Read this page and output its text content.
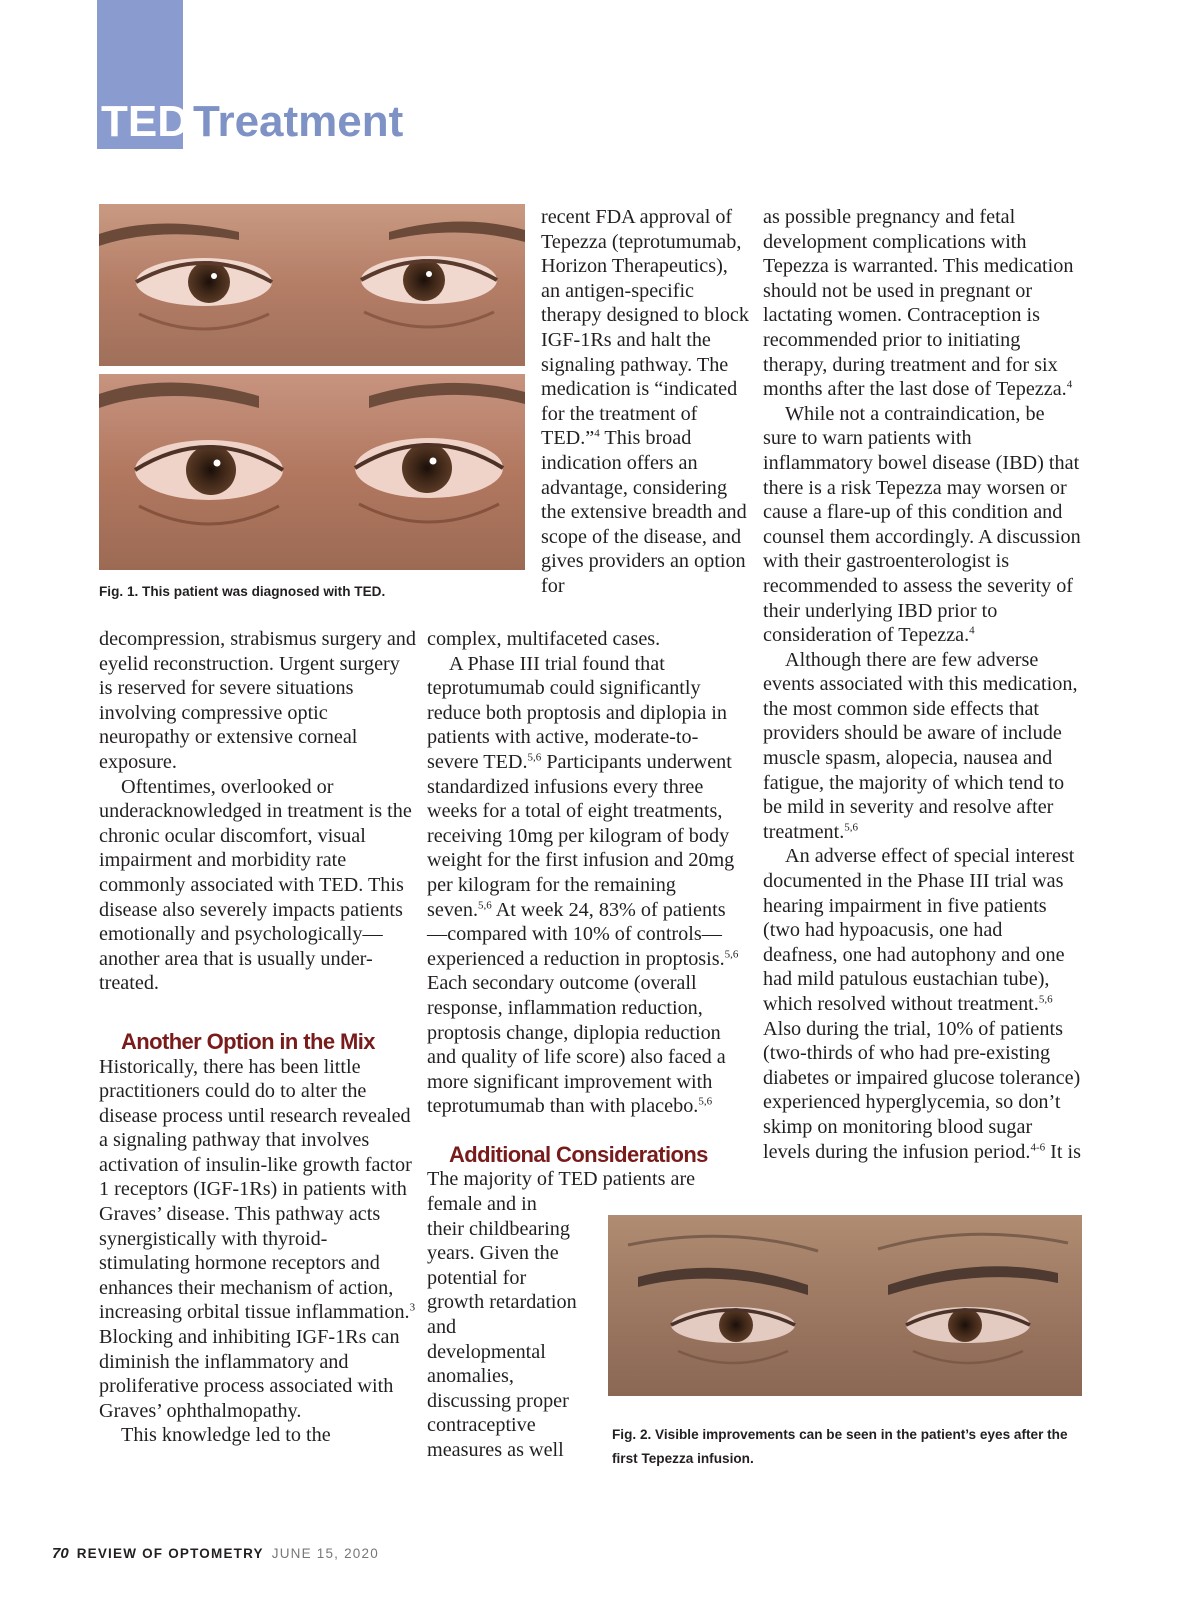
TEDTreatment
Fig. 1. This patient was diagnosed with TED.

decompression, strabismus surgery and eyelid reconstruction. Urgent surgery is reserved for severe situations involving compressive optic neuropathy or extensive corneal exposure.

Oftentimes, overlooked or underacknowledged in treatment is the chronic ocular discomfort, visual impairment and morbidity rate commonly associated with TED. This disease also severely impacts patients emotionally and psychologically—another area that is usually under-treated.

Another Option in the Mix

Historically, there has been little practitioners could do to alter the disease process until research revealed a signaling pathway that involves activation of insulin-like growth factor 1 receptors (IGF-1Rs) in patients with Graves’ disease. This pathway acts synergistically with thyroid-stimulating hormone receptors and enhances their mechanism of action, increasing orbital tissue inflammation.$^3$ Blocking and inhibiting IGF-1Rs can diminish the inflammatory and proliferative process associated with Graves’ ophthalmopathy.

This knowledge led to the

recent FDA approval of Tepezza (teprotumumab, Horizon Therapeutics), an antigen-specific therapy designed to block IGF-1Rs and halt the signaling pathway. The medication is “indicated for the treatment of TED.”$^4$ This broad indication offers an advantage, considering the extensive breadth and scope of the disease, and gives providers an option for

complex, multifaceted cases.

A Phase III trial found that teprotumumab could significantly reduce both proptosis and diplopia in patients with active, moderate-to-severe TED.$^{5,6}$ Participants underwent standardized infusions every three weeks for a total of eight treatments, receiving 10mg per kilogram of body weight for the first infusion and 20mg per kilogram for the remaining seven.$^{5,6}$ At week 24, 83% of patients—compared with 10% of controls—experienced a reduction in proptosis.$^{5,6}$ Each secondary outcome (overall response, inflammation reduction, proptosis change, diplopia reduction and quality of life score) also faced a more significant improvement with teprotumumab than with placebo.$^{5,6}$

Additional Considerations

The majority of TED patients are

female and in their childbearing years. Given the potential for growth retardation and developmental anomalies, discussing proper contraceptive measures as well

as possible pregnancy and fetal development complications with Tepezza is warranted. This medication should not be used in pregnant or lactating women. Contraception is recommended prior to initiating therapy, during treatment and for six months after the last dose of Tepezza.$^4$

While not a contraindication, be sure to warn patients with inflammatory bowel disease (IBD) that there is a risk Tepezza may worsen or cause a flare-up of this condition and counsel them accordingly. A discussion with their gastroenterologist is recommended to assess the severity of their underlying IBD prior to consideration of Tepezza.$^4$

Although there are few adverse events associated with this medication, the most common side effects that providers should be aware of include muscle spasm, alopecia, nausea and fatigue, the majority of which tend to be mild in severity and resolve after treatment.$^{5,6}$

An adverse effect of special interest documented in the Phase III trial was hearing impairment in five patients (two had hypoacusis, one had deafness, one had autophony and one had mild patulous eustachian tube), which resolved without treatment.$^{5,6}$ Also during the trial, 10% of patients (two-thirds of who had pre-existing diabetes or impaired glucose tolerance) experienced hyperglycemia, so don’t skimp on monitoring blood sugar levels during the infusion period.$^{4-6}$ It is

Fig. 2. Visible improvements can be seen in the patient’s eyes after the first Tepezza infusion.
70 REVIEW OF OPTOMETRY JUNE 15, 2020
